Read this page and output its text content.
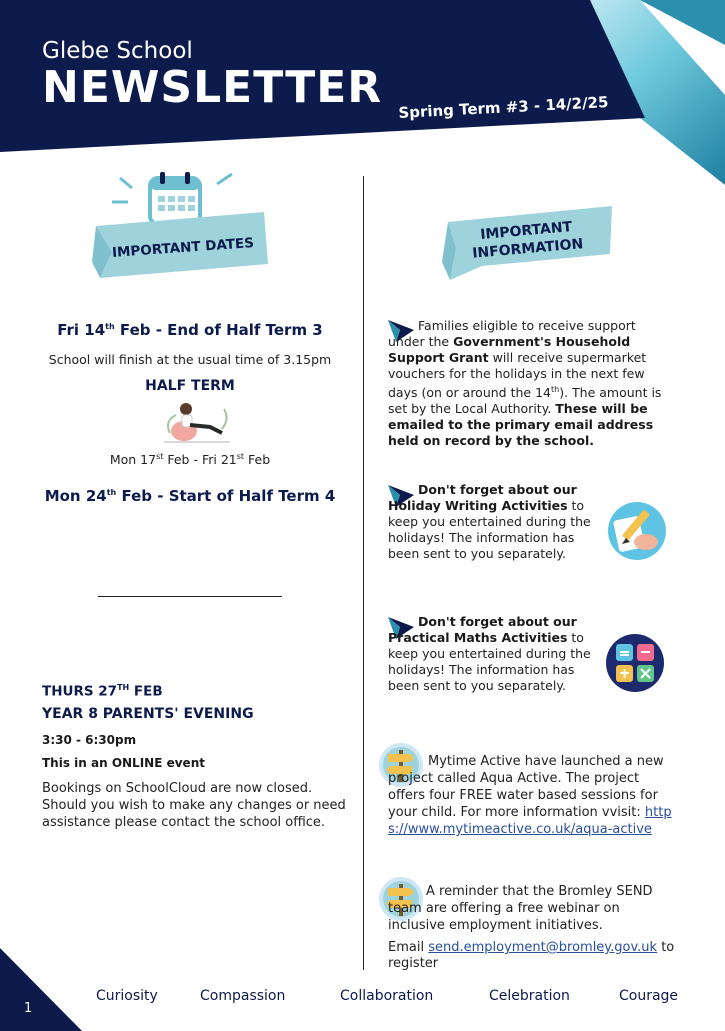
Glebe School
NEWSLETTER Spring Term #3 - 14/2/25
IMPORTANT DATES
Fri 14th Feb - End of Half Term 3
School will finish at the usual time of 3.15pm
HALF TERM
Mon 17st Feb - Fri 21st Feb
Mon 24th Feb - Start of Half Term 4
THURS 27TH FEB
YEAR 8 PARENTS' EVENING
3:30 - 6:30pm
This in an ONLINE event
Bookings on SchoolCloud are now closed. Should you wish to make any changes or need assistance please contact the school office.
IMPORTANT
INFORMATION
Families eligible to receive support under the Government's Household Support Grant will receive supermarket vouchers for the holidays in the next few days (on or around the 14th). The amount is set by the Local Authority. These will be emailed to the primary email address held on record by the school.
Don't forget about our Holiday Writing Activities to keep you entertained during the holidays! The information has been sent to you separately.
Don't forget about our Practical Maths Activities to keep you entertained during the holidays! The information has been sent to you separately.
Mytime Active have launched a new project called Aqua Active. The project offers four FREE water based sessions for your child. For more information vvisit: https://www.mytimeactive.co.uk/aqua-active
A reminder that the Bromley SEND team are offering a free webinar on inclusive employment initiatives.
Email send.employment@bromley.gov.uk to register
1
Curiosity	Compassion	Collaboration	Celebration	Courage
